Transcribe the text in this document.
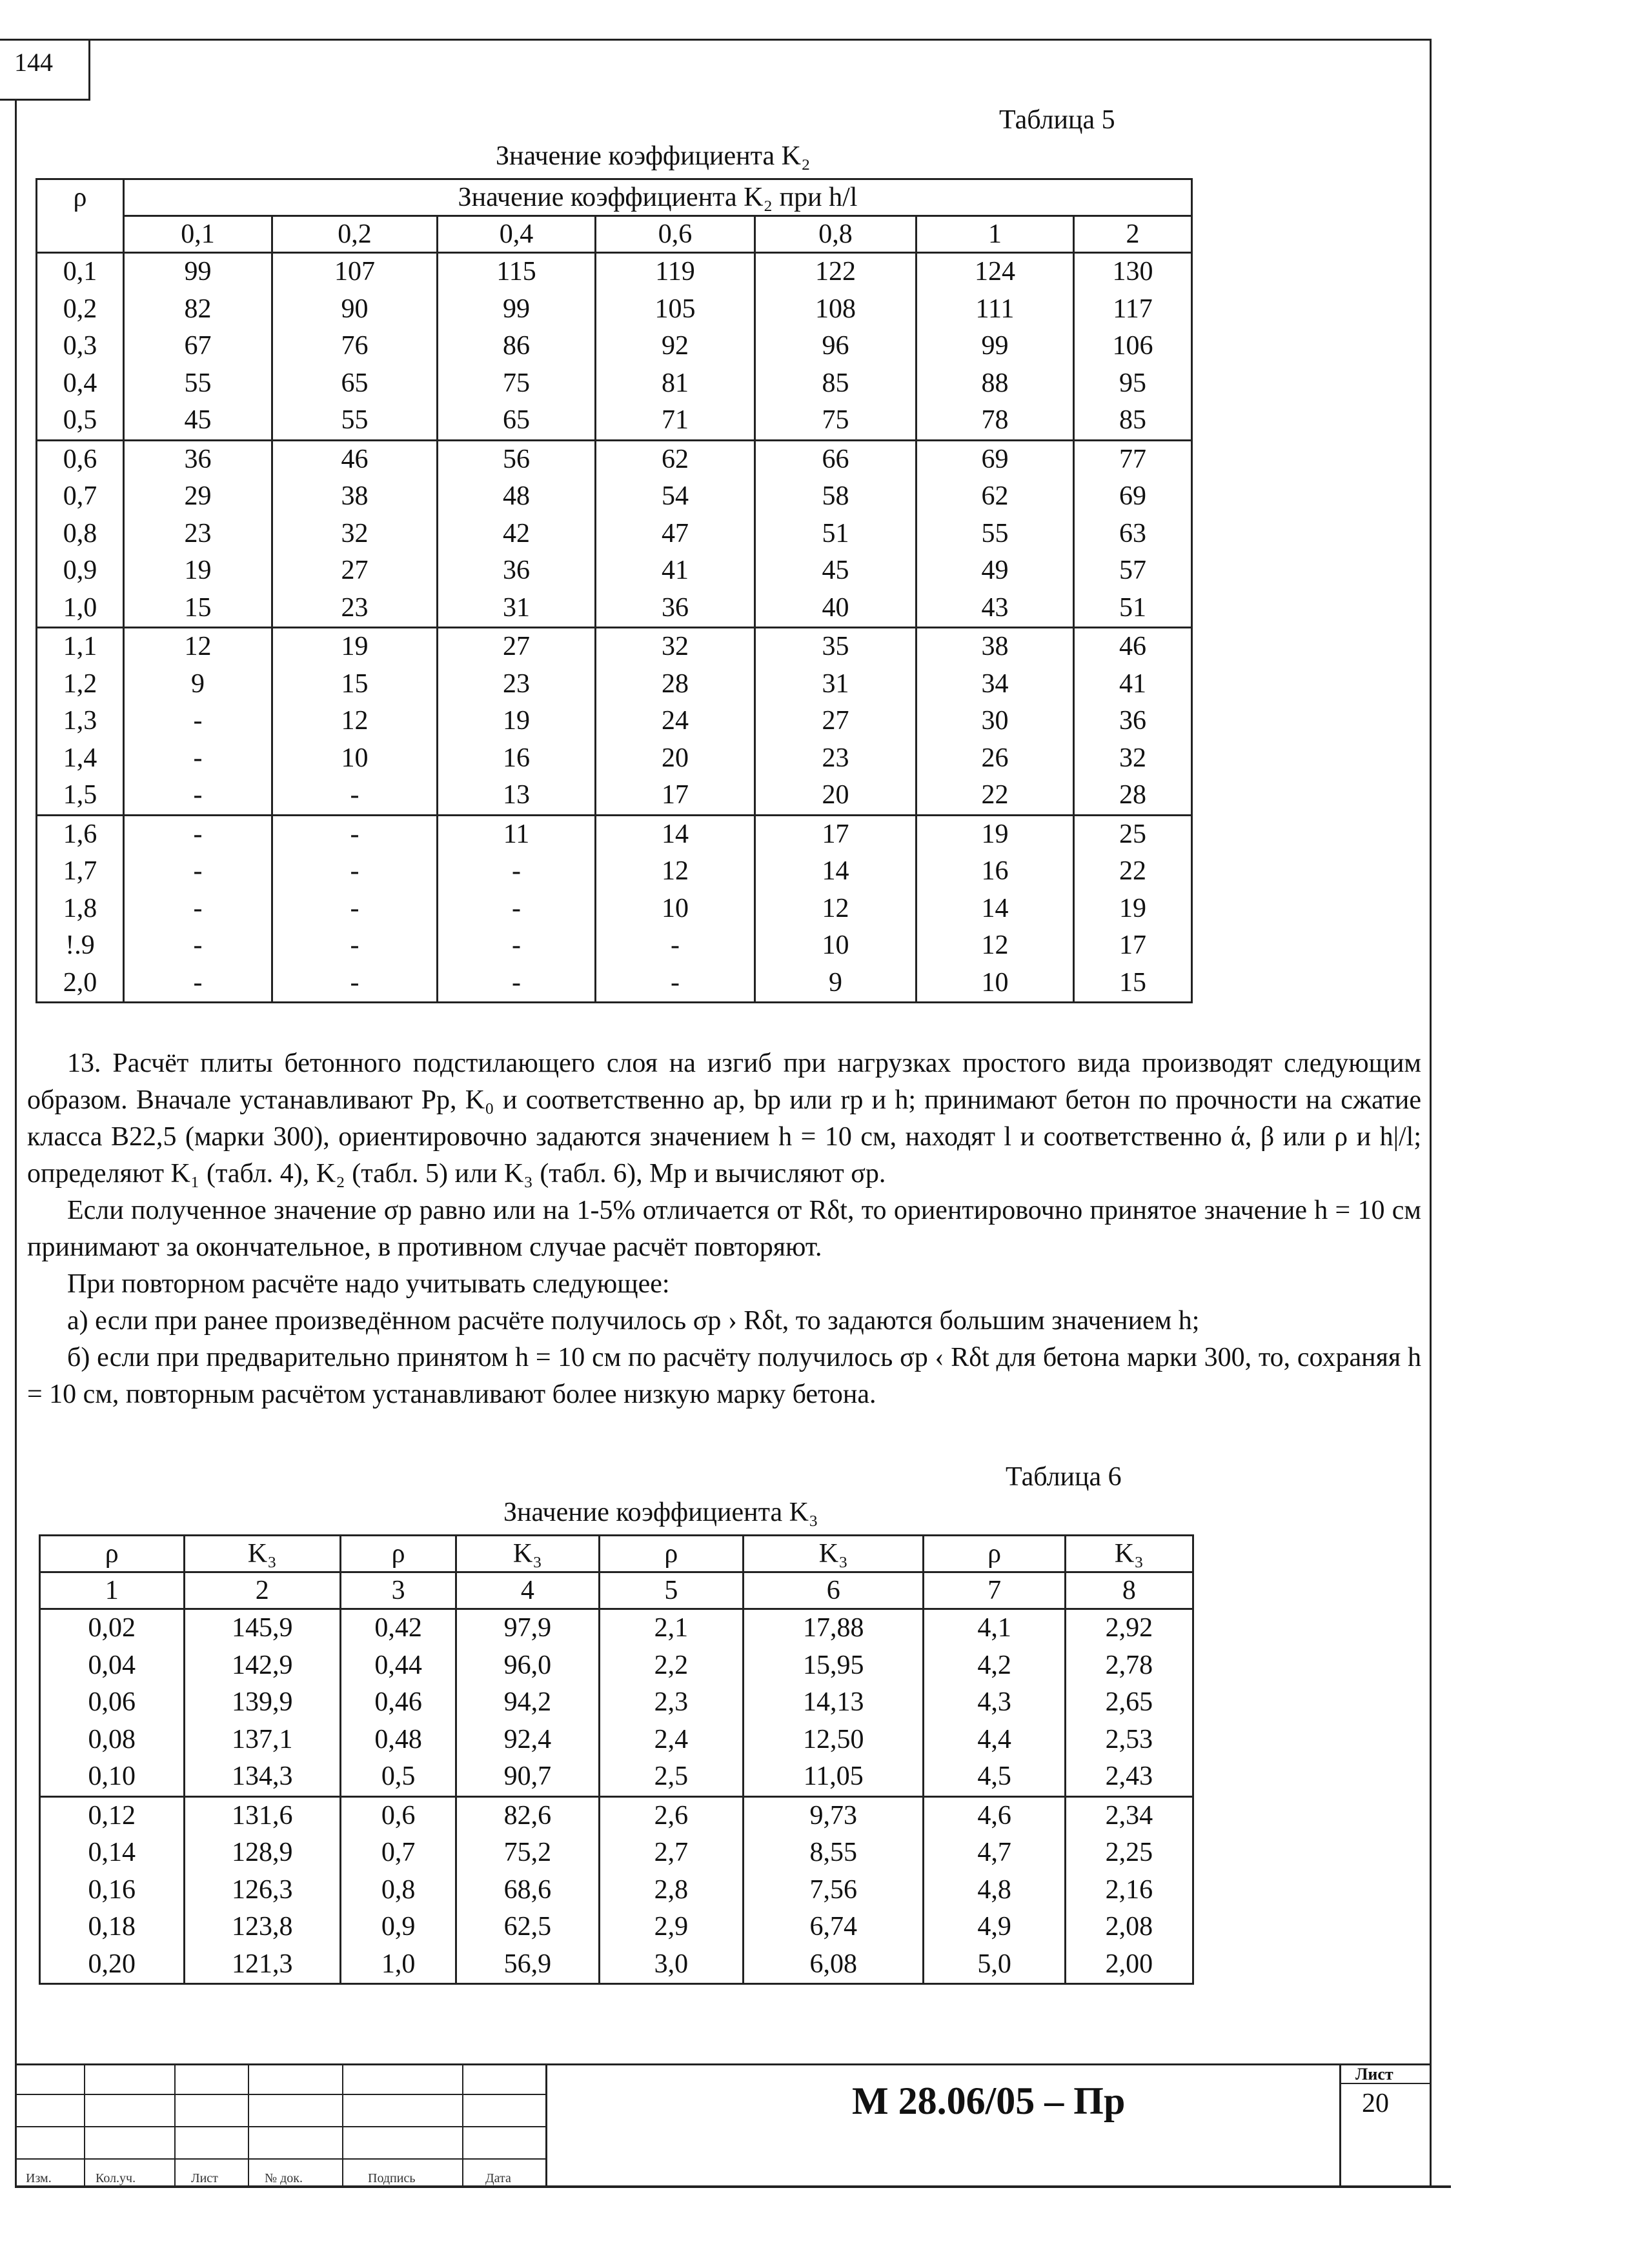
144
Таблица 5
Значение коэффициента K₂
ρ	Значение коэффициента K₂ при h/l						
	0,1	0,2	0,4	0,6	0,8	1	2
0,1	99	107	115	119	122	124	130
0,2	82	90	99	105	108	111	117
0,3	67	76	86	92	96	99	106
0,4	55	65	75	81	85	88	95
0,5	45	55	65	71	75	78	85
0,6	36	46	56	62	66	69	77
0,7	29	38	48	54	58	62	69
0,8	23	32	42	47	51	55	63
0,9	19	27	36	41	45	49	57
1,0	15	23	31	36	40	43	51
1,1	12	19	27	32	35	38	46
1,2	9	15	23	28	31	34	41
1,3	-	12	19	24	27	30	36
1,4	-	10	16	20	23	26	32
1,5	-	-	13	17	20	22	28
1,6	-	-	11	14	17	19	25
1,7	-	-	-	12	14	16	22
1,8	-	-	-	10	12	14	19
!.9	-	-	-	-	10	12	17
2,0	-	-	-	-	9	10	15

13. Расчёт плиты бетонного подстилающего слоя на изгиб при нагрузках простого вида производят следующим образом. Вначале устанавливают Pр, K₀ и соответственно aр, bр или rр и h; принимают бетон по прочности на сжатие класса B22,5 (марки 300), ориентировочно задаются значением h = 10 см, находят l и соответственно ά, β или ρ и h|/l; определяют K₁ (табл. 4), K₂ (табл. 5) или K₃ (табл. 6), Mр и вычисляют σр.

Если полученное значение σр равно или на 1-5% отличается от Rδt, то ориентировочно принятое значение h = 10 см принимают за окончательное, в противном случае расчёт повторяют.

При повторном расчёте надо учитывать следующее:

а) если при ранее произведённом расчёте получилось σр › Rδt, то задаются большим значением h;

б) если при предварительно принятом h = 10 см по расчёту получилось σр ‹ Rδt для бетона марки 300, то, сохраняя h = 10 см, повторным расчётом устанавливают более низкую марку бетона.

Таблица 6
Значение коэффициента K₃
ρ	K₃	ρ	K₃	ρ	K₃	ρ	K₃
1	2	3	4	5	6	7	8
0,02	145,9	0,42	97,9	2,1	17,88	4,1	2,92
0,04	142,9	0,44	96,0	2,2	15,95	4,2	2,78
0,06	139,9	0,46	94,2	2,3	14,13	4,3	2,65
0,08	137,1	0,48	92,4	2,4	12,50	4,4	2,53
0,10	134,3	0,5	90,7	2,5	11,05	4,5	2,43
0,12	131,6	0,6	82,6	2,6	9,73	4,6	2,34
0,14	128,9	0,7	75,2	2,7	8,55	4,7	2,25
0,16	126,3	0,8	68,6	2,8	7,56	4,8	2,16
0,18	123,8	0,9	62,5	2,9	6,74	4,9	2,08
0,20	121,3	1,0	56,9	3,0	6,08	5,0	2,00
М 28.06/05 – Пр
Лист
20
Изм.	Кол.уч.	Лист	№ док.	Подпись	Дата
